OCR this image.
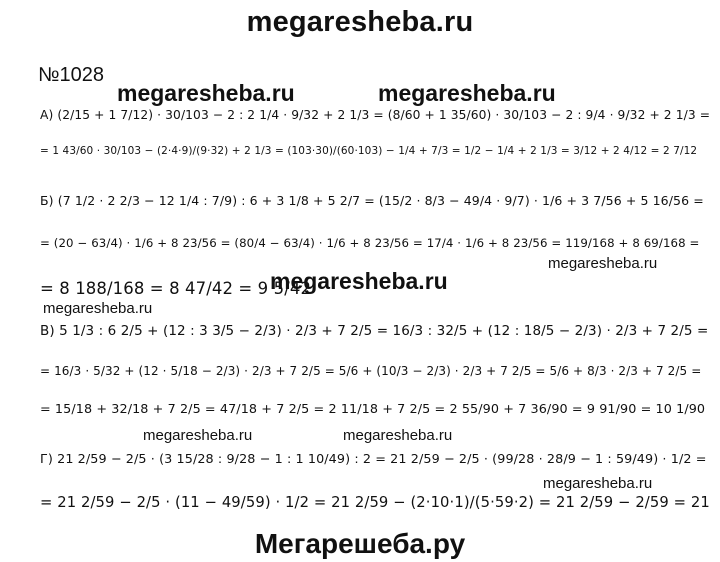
megaresheba.ru
№1028
megaresheba.ru	megaresheba.ru
megaresheba.ru
megaresheba.ru
megaresheba.ru
megaresheba.ru	megaresheba.ru
megaresheba.ru
А) (2/15 + 1 7/12) · 30/103 − 2 : 2 1/4 · 9/32 + 2 1/3 = (8/60 + 1 35/60) · 30/103 − 2 : 9/4 · 9/32 + 2 1/3 =
= 1 43/60 · 30/103 − (2·4·9)/(9·32) + 2 1/3 = (103·30)/(60·103) − 1/4 + 7/3 = 1/2 − 1/4 + 2 1/3 = 3/12 + 2 4/12 = 2 7/12
Б) (7 1/2 · 2 2/3 − 12 1/4 : 7/9) : 6 + 3 1/8 + 5 2/7 = (15/2 · 8/3 − 49/4 · 9/7) · 1/6 + 3 7/56 + 5 16/56 =
= (20 − 63/4) · 1/6 + 8 23/56 = (80/4 − 63/4) · 1/6 + 8 23/56 = 17/4 · 1/6 + 8 23/56 = 119/168 + 8 69/168 =
= 8 188/168 = 8 47/42 = 9 5/42
В) 5 1/3 : 6 2/5 + (12 : 3 3/5 − 2/3) · 2/3 + 7 2/5 = 16/3 : 32/5 + (12 : 18/5 − 2/3) · 2/3 + 7 2/5 =
= 16/3 · 5/32 + (12 · 5/18 − 2/3) · 2/3 + 7 2/5 = 5/6 + (10/3 − 2/3) · 2/3 + 7 2/5 = 5/6 + 8/3 · 2/3 + 7 2/5 =
= 15/18 + 32/18 + 7 2/5 = 47/18 + 7 2/5 = 2 11/18 + 7 2/5 = 2 55/90 + 7 36/90 = 9 91/90 = 10 1/90
Г) 21 2/59 − 2/5 · (3 15/28 : 9/28 − 1 : 1 10/49) : 2 = 21 2/59 − 2/5 · (99/28 · 28/9 − 1 : 59/49) · 1/2 =
= 21 2/59 − 2/5 · (11 − 49/59) · 1/2 = 21 2/59 − (2·10·1)/(5·59·2) = 21 2/59 − 2/59 = 21
Мегарешеба.ру
